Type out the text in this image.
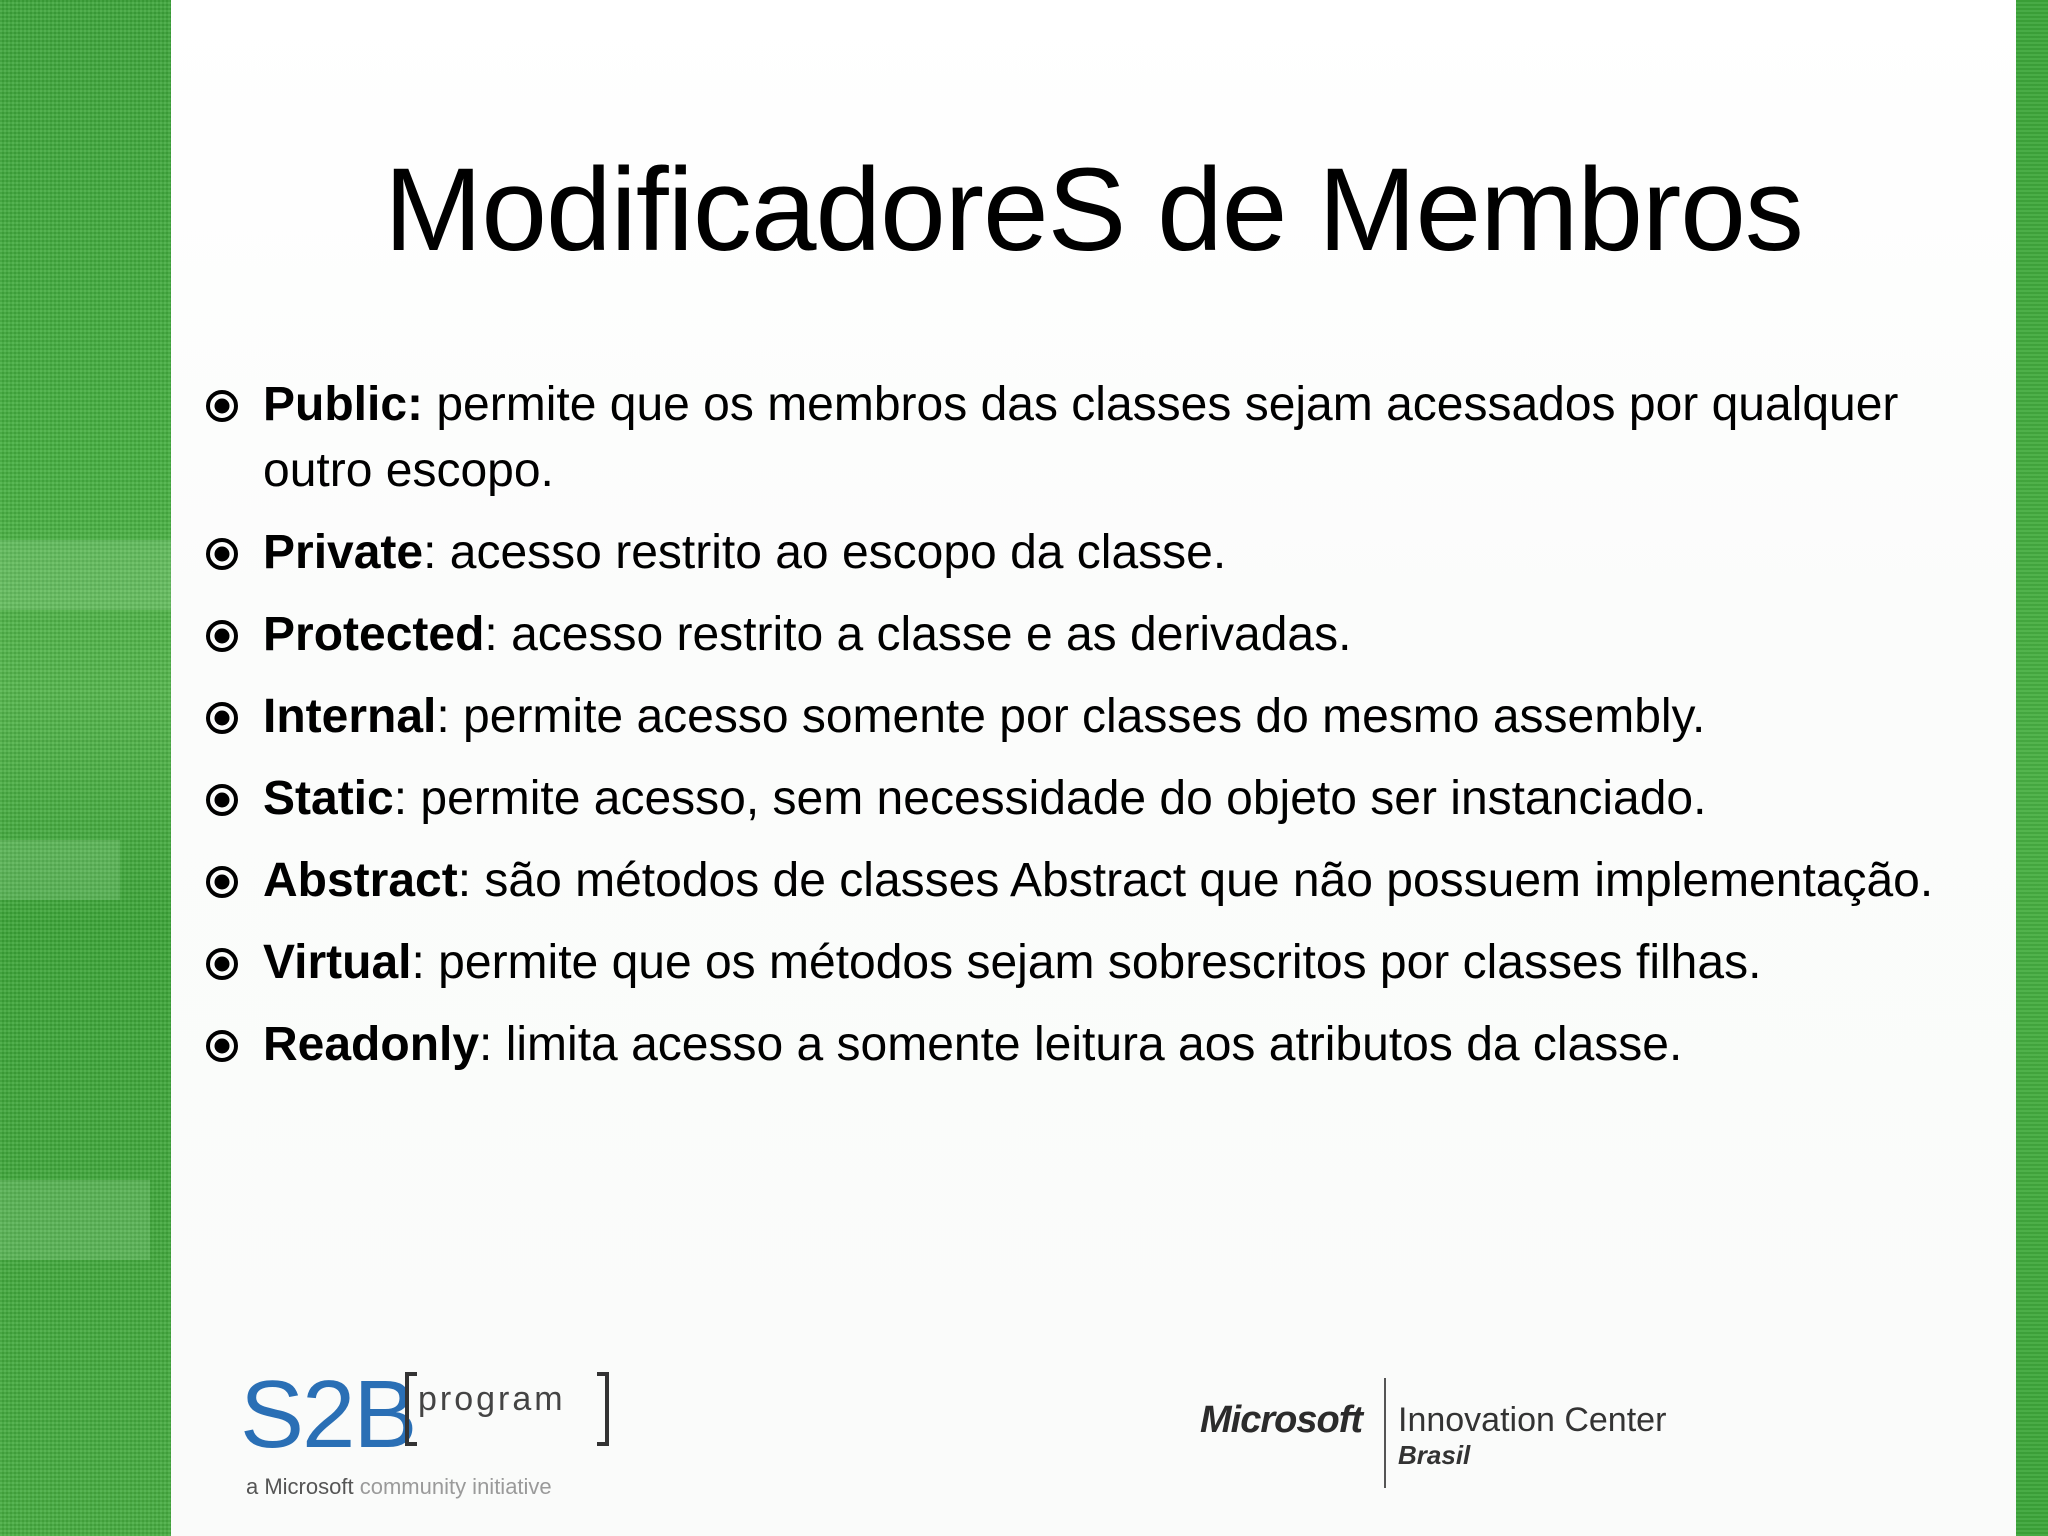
ModificadoreS de Membros
Public: permite que os membros das classes sejam acessados por qualquer outro escopo.
Private: acesso restrito ao escopo da classe.
Protected: acesso restrito a classe e as derivadas.
Internal: permite acesso somente por classes do mesmo assembly.
Static: permite acesso, sem necessidade do objeto ser instanciado.
Abstract: são métodos de classes Abstract que não possuem implementação.
Virtual: permite que os métodos sejam sobrescritos por classes filhas.
Readonly: limita acesso a somente leitura aos atributos da classe.
S2B program
a Microsoft community initiative
Microsoft Innovation Center
Brasil
